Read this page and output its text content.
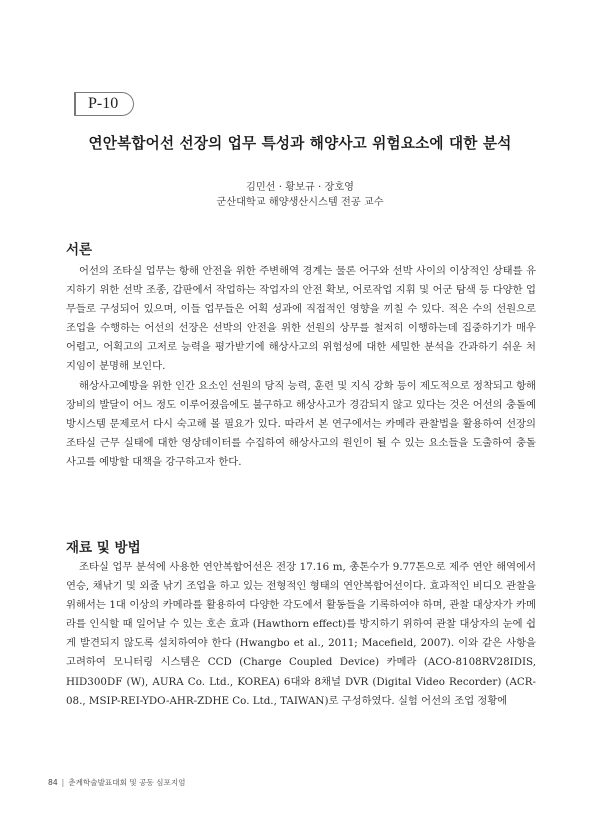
P-10
연안복합어선 선장의 업무 특성과 해양사고 위험요소에 대한 분석
김민선 · 황보규 · 장호영
군산대학교 해양생산시스템 전공 교수
서론

어선의 조타실 업무는 항해 안전을 위한 주변해역 경계는 물론 어구와 선박 사이의 이상적인 상태를 유지하기 위한 선박 조종, 갑판에서 작업하는 작업자의 안전 확보, 어로작업 지휘 및 어군 탐색 등 다양한 업무들로 구성되어 있으며, 이들 업무들은 어획 성과에 직접적인 영향을 끼칠 수 있다. 적은 수의 선원으로 조업을 수행하는 어선의 선장은 선박의 안전을 위한 선원의 상무를 철저히 이행하는데 집중하기가 매우 어렵고, 어획고의 고저로 능력을 평가받기에 해상사고의 위험성에 대한 세밀한 분석을 간과하기 쉬운 처지임이 분명해 보인다.

해상사고예방을 위한 인간 요소인 선원의 당직 능력, 훈련 및 지식 강화 등이 제도적으로 정착되고 항해장비의 발달이 어느 정도 이루어졌음에도 불구하고 해상사고가 경감되지 않고 있다는 것은 어선의 충돌예방시스템 문제로서 다시 숙고해 볼 필요가 있다. 따라서 본 연구에서는 카메라 관찰법을 활용하여 선장의 조타실 근무 실태에 대한 영상데이터를 수집하여 해상사고의 원인이 될 수 있는 요소들을 도출하여 충돌사고를 예방할 대책을 강구하고자 한다.

재료 및 방법

조타실 업무 분석에 사용한 연안복합어선은 전장 17.16 m, 총톤수가 9.77톤으로 제주 연안 해역에서 연승, 채낚기 및 외줄 낚기 조업을 하고 있는 전형적인 형태의 연안복합어선이다. 효과적인 비디오 관찰을 위해서는 1대 이상의 카메라를 활용하여 다양한 각도에서 활동들을 기록하여야 하며, 관찰 대상자가 카메라를 인식할 때 일어날 수 있는 호손 효과 (Hawthorn effect)를 방지하기 위하여 관찰 대상자의 눈에 쉽게 발견되지 않도록 설치하여야 한다 (Hwangbo et al., 2011; Macefield, 2007). 이와 같은 사항을 고려하여 모니터링 시스템은 CCD (Charge Coupled Device) 카메라 (ACO-8108RV28IDIS, HID300DF (W), AURA Co. Ltd., KOREA) 6대와 8채널 DVR (Digital Video Recorder) (ACR-08., MSIP-REI-YDO-AHR-ZDHE Co. Ltd., TAIWAN)로 구성하였다. 실험 어선의 조업 정황에

84 | 춘계학술발표대회 및 공동 심포지엄
